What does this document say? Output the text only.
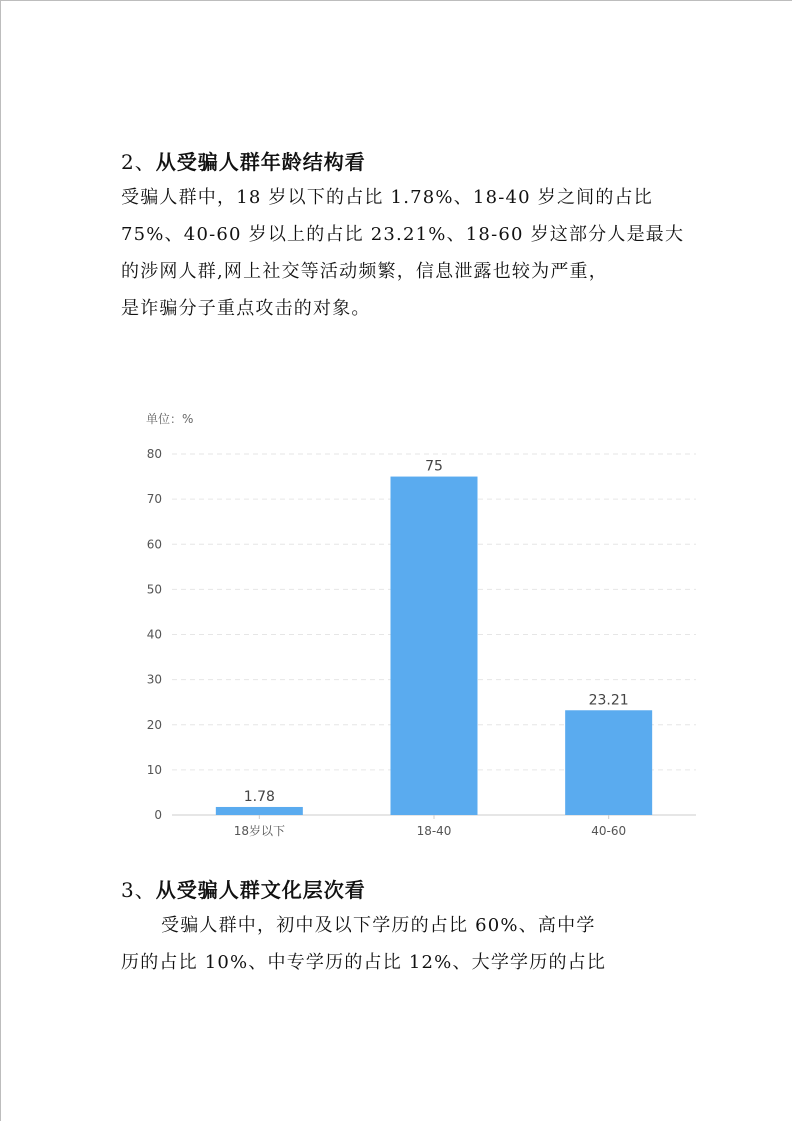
2、从受骗人群年龄结构看
受骗人群中，18 岁以下的占比 1.78%、18-40 岁之间的占比
75%、40-60 岁以上的占比 23.21%、18-60 岁这部分人是最大
的涉网人群,网上社交等活动频繁，信息泄露也较为严重，
是诈骗分子重点攻击的对象。
单位：%
0
10
20
30
40
50
60
70
80
1.78
18岁以下
75
18-40
23.21
40-60
3、从受骗人群文化层次看
受骗人群中，初中及以下学历的占比 60%、高中学
历的占比 10%、中专学历的占比 12%、大学学历的占比
